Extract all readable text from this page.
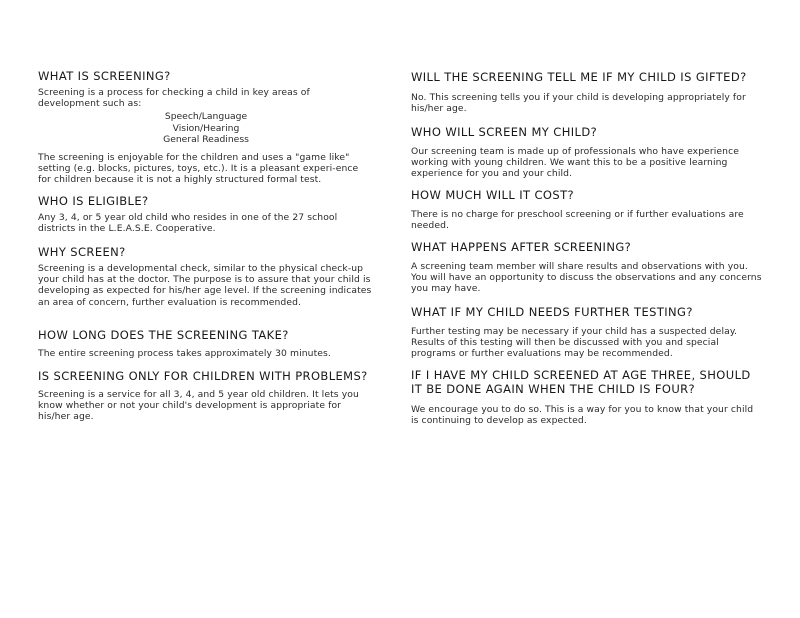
WHAT IS SCREENING?

Screening is a process for checking a child in key areas of development such as:

Speech/Language
Vision/Hearing
General Readiness

The screening is enjoyable for the children and uses a "game like" setting (e.g. blocks, pictures, toys, etc.). It is a pleasant experi-ence for children because it is not a highly structured formal test.

WHO IS ELIGIBLE?

Any 3, 4, or 5 year old child who resides in one of the 27 school districts in the L.E.A.S.E. Cooperative.

WHY SCREEN?

Screening is a developmental check, similar to the physical check-up your child has at the doctor. The purpose is to assure that your child is developing as expected for his/her age level. If the screening indicates an area of concern, further evaluation is recommended.

HOW LONG DOES THE SCREENING TAKE?

The entire screening process takes approximately 30 minutes.

IS SCREENING ONLY FOR CHILDREN WITH PROBLEMS?

Screening is a service for all 3, 4, and 5 year old children. It lets you know whether or not your child's development is appropriate for his/her age.

WILL THE SCREENING TELL ME IF MY CHILD IS GIFTED?

No. This screening tells you if your child is developing appropriately for his/her age.

WHO WILL SCREEN MY CHILD?

Our screening team is made up of professionals who have experience working with young children. We want this to be a positive learning experience for you and your child.

HOW MUCH WILL IT COST?

There is no charge for preschool screening or if further evaluations are needed.

WHAT HAPPENS AFTER SCREENING?

A screening team member will share results and observations with you. You will have an opportunity to discuss the observations and any concerns you may have.

WHAT IF MY CHILD NEEDS FURTHER TESTING?

Further testing may be necessary if your child has a suspected delay. Results of this testing will then be discussed with you and special programs or further evaluations may be recommended.

IF I HAVE MY CHILD SCREENED AT AGE THREE, SHOULD IT BE DONE AGAIN WHEN THE CHILD IS FOUR?

We encourage you to do so. This is a way for you to know that your child is continuing to develop as expected.
